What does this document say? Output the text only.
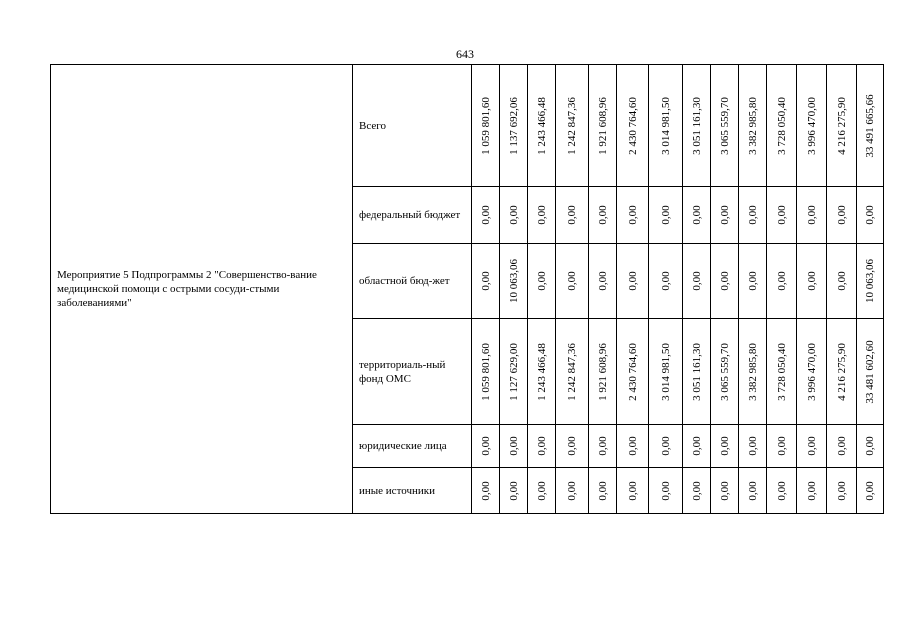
643
Мероприятие 5 Подпрограммы 2 "Совершенство-вание медицинской помощи с острыми сосуди-стыми заболеваниями"	Всего	1 059 801,60	1 137 692,06	1 243 466,48	1 242 847,36	1 921 608,96	2 430 764,60	3 014 981,50	3 051 161,30	3 065 559,70	3 382 985,80	3 728 050,40	3 996 470,00	4 216 275,90	33 491 665,66

	федеральный бюджет	0,00	0,00	0,00	0,00	0,00	0,00	0,00	0,00	0,00	0,00	0,00	0,00	0,00	0,00

	областной бюд-жет	0,00	10 063,06	0,00	0,00	0,00	0,00	0,00	0,00	0,00	0,00	0,00	0,00	0,00	10 063,06

	территориаль-ный фонд ОМС	1 059 801,60	1 127 629,00	1 243 466,48	1 242 847,36	1 921 608,96	2 430 764,60	3 014 981,50	3 051 161,30	3 065 559,70	3 382 985,80	3 728 050,40	3 996 470,00	4 216 275,90	33 481 602,60

	юридические лица	0,00	0,00	0,00	0,00	0,00	0,00	0,00	0,00	0,00	0,00	0,00	0,00	0,00	0,00

	иные источники	0,00	0,00	0,00	0,00	0,00	0,00	0,00	0,00	0,00	0,00	0,00	0,00	0,00	0,00
